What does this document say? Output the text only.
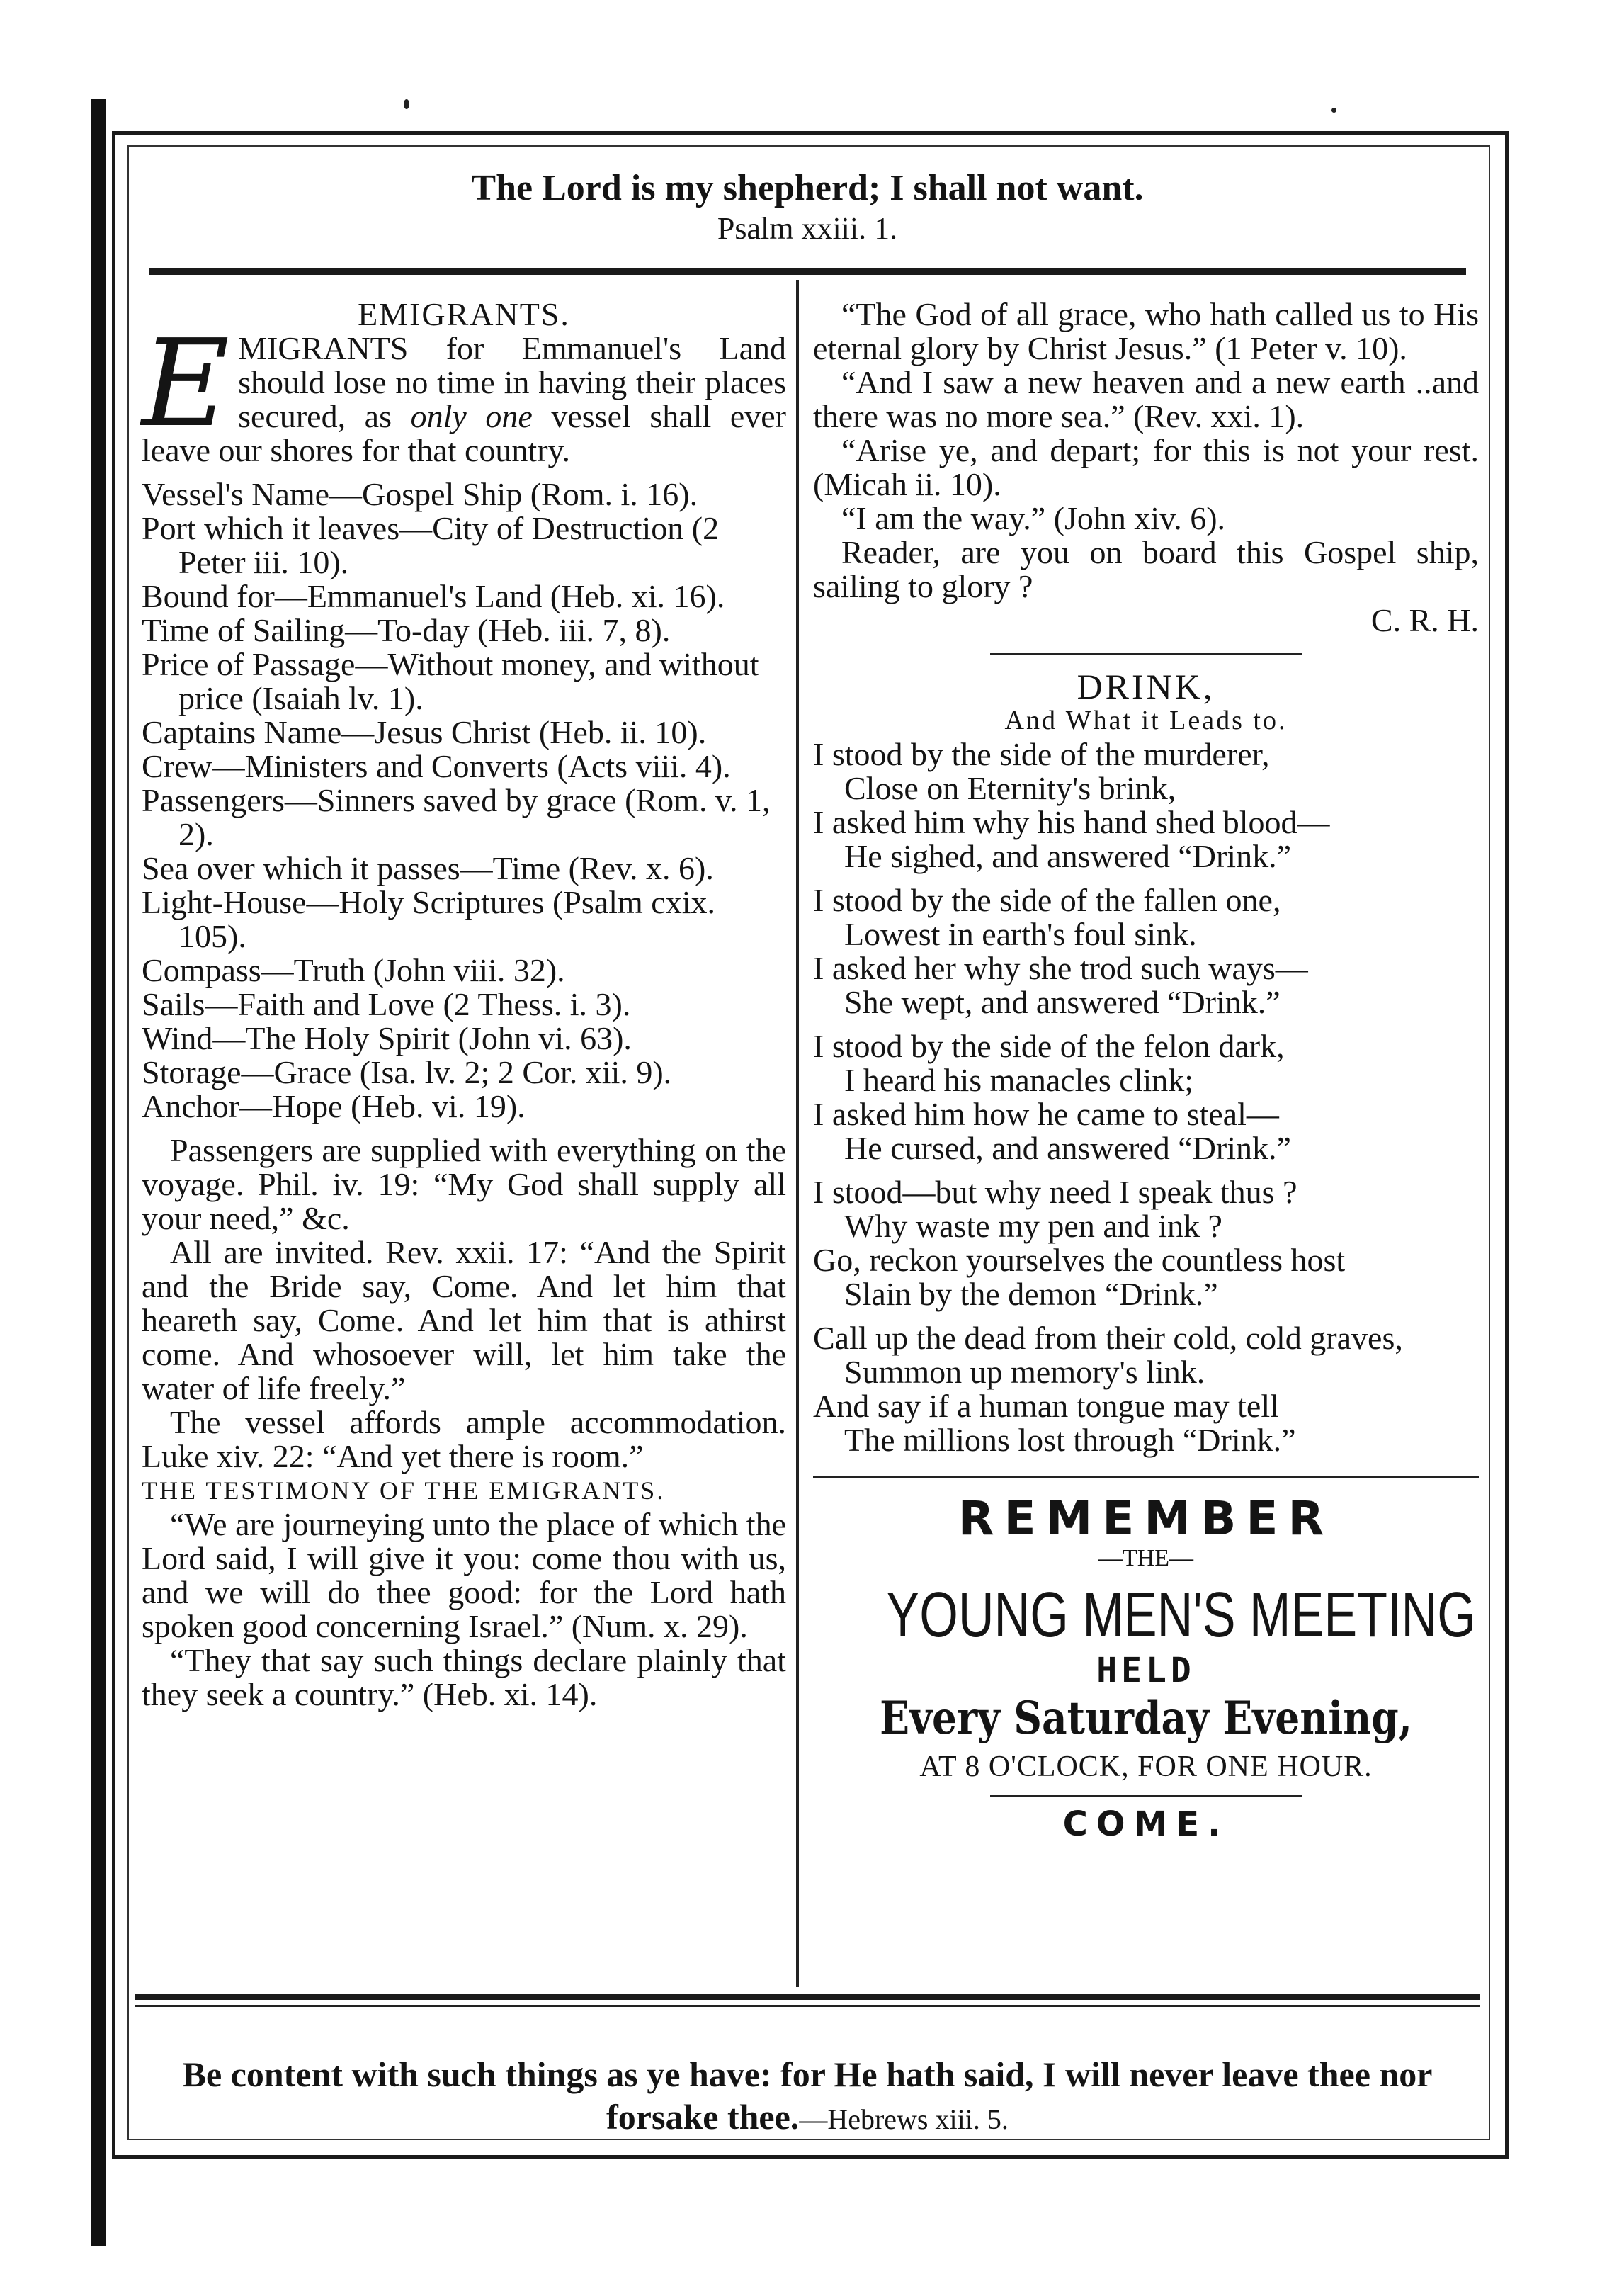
The Lord is my shepherd; I shall not want.
Psalm xxiii. 1.

EMIGRANTS.

EMIGRANTS for Emmanuel's Land should lose no time in having their places secured, as only one vessel shall ever leave our shores for that country.

Vessel's Name—Gospel Ship (Rom. i. 16).

Port which it leaves—City of Destruction (2 Peter iii. 10).

Bound for—Emmanuel's Land (Heb. xi. 16).

Time of Sailing—To-day (Heb. iii. 7, 8).

Price of Passage—Without money, and without price (Isaiah lv. 1).

Captains Name—Jesus Christ (Heb. ii. 10).

Crew—Ministers and Converts (Acts viii. 4).

Passengers—Sinners saved by grace (Rom. v. 1, 2).

Sea over which it passes—Time (Rev. x. 6).

Light-House—Holy Scriptures (Psalm cxix. 105).

Compass—Truth (John viii. 32).

Sails—Faith and Love (2 Thess. i. 3).

Wind—The Holy Spirit (John vi. 63).

Storage—Grace (Isa. lv. 2; 2 Cor. xii. 9).

Anchor—Hope (Heb. vi. 19).

Passengers are supplied with everything on the voyage. Phil. iv. 19: “My God shall supply all your need,” &c.

All are invited. Rev. xxii. 17: “And the Spirit and the Bride say, Come. And let him that heareth say, Come. And let him that is athirst come. And whosoever will, let him take the water of life freely.”

The vessel affords ample accommodation. Luke xiv. 22: “And yet there is room.”

THE TESTIMONY OF THE EMIGRANTS.

“We are journeying unto the place of which the Lord said, I will give it you: come thou with us, and we will do thee good: for the Lord hath spoken good concerning Israel.” (Num. x. 29).

“They that say such things declare plainly that they seek a country.” (Heb. xi. 14).

“The God of all grace, who hath called us to His eternal glory by Christ Jesus.” (1 Peter v. 10).

“And I saw a new heaven and a new earth ..and there was no more sea.” (Rev. xxi. 1).

“Arise ye, and depart; for this is not your rest. (Micah ii. 10).

“I am the way.” (John xiv. 6).

Reader, are you on board this Gospel ship, sailing to glory ?

C. R. H.

DRINK,

And What it Leads to.

I stood by the side of the murderer,
Close on Eternity's brink,
I asked him why his hand shed blood—
He sighed, and answered “Drink.”
I stood by the side of the fallen one,
Lowest in earth's foul sink.
I asked her why she trod such ways—
She wept, and answered “Drink.”
I stood by the side of the felon dark,
I heard his manacles clink;
I asked him how he came to steal—
He cursed, and answered “Drink.”
I stood—but why need I speak thus ?
Why waste my pen and ink ?
Go, reckon yourselves the countless host
Slain by the demon “Drink.”
Call up the dead from their cold, cold graves,
Summon up memory's link.
And say if a human tongue may tell
The millions lost through “Drink.”
REMEMBER
—THE—
YOUNG MEN'S MEETING
HELD
Every Saturday Evening,
AT 8 O'CLOCK, FOR ONE HOUR.
COME.
Be content with such things as ye have: for He hath said, I will never leave thee nor forsake thee.—Hebrews xiii. 5.
